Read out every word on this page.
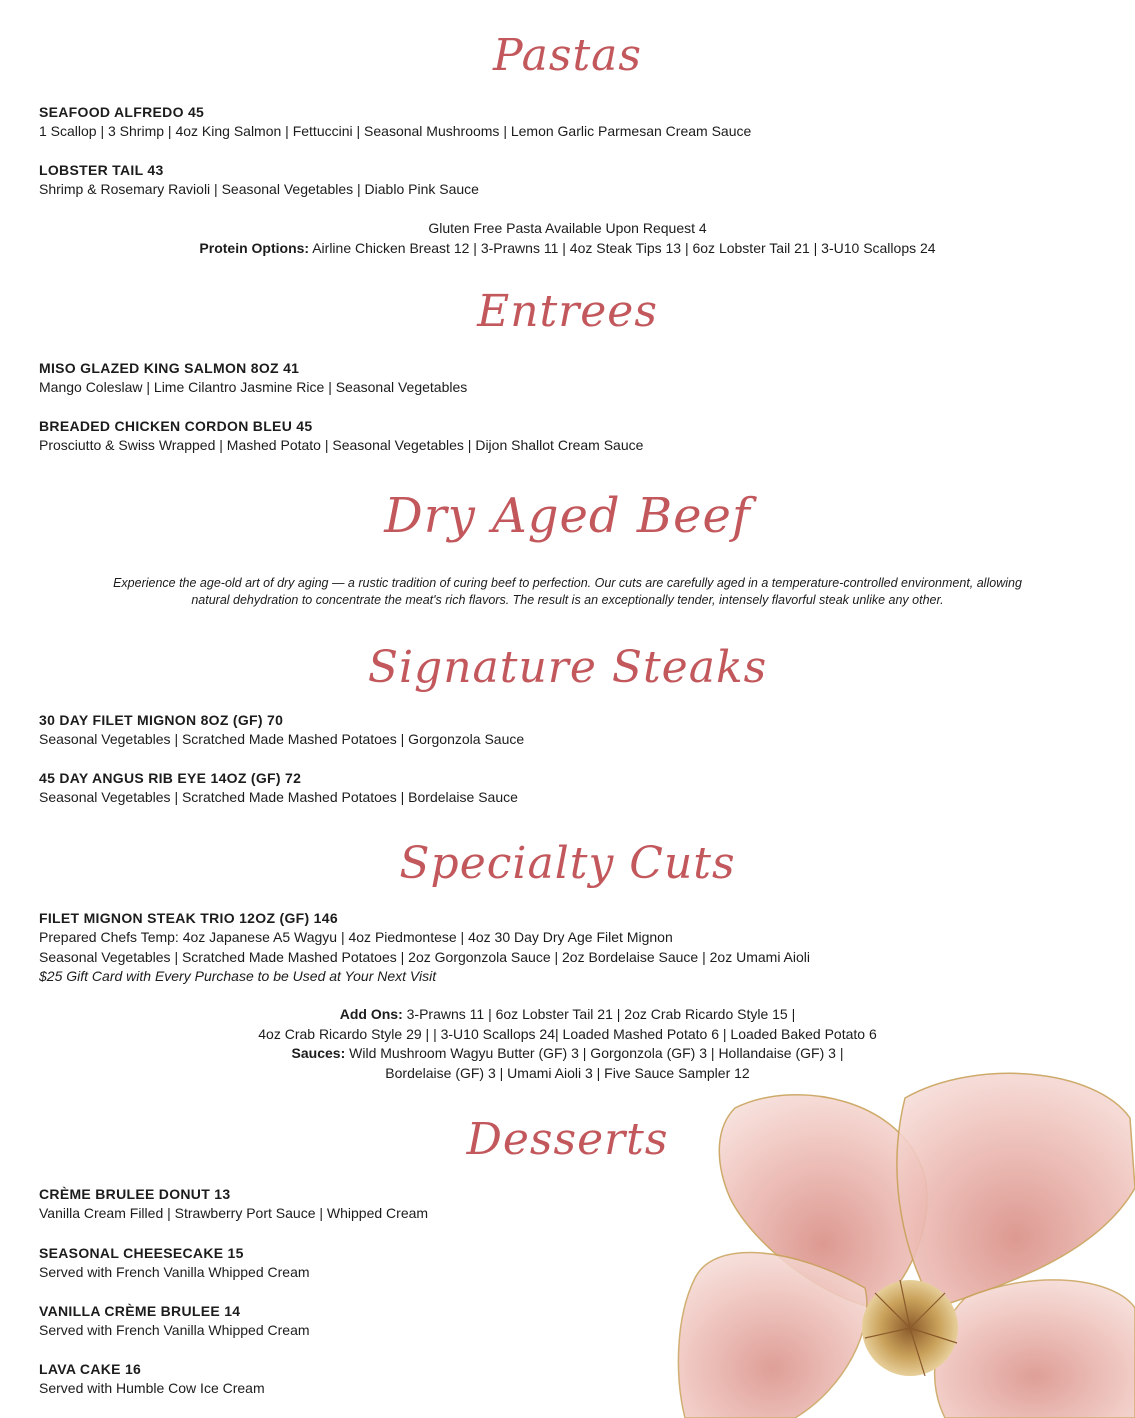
Pastas

SEAFOOD ALFREDO 45

1 Scallop | 3 Shrimp | 4oz King Salmon | Fettuccini | Seasonal Mushrooms | Lemon Garlic Parmesan Cream Sauce

LOBSTER TAIL 43

Shrimp & Rosemary Ravioli | Seasonal Vegetables | Diablo Pink Sauce

Gluten Free Pasta Available Upon Request 4

Protein Options: Airline Chicken Breast 12 | 3-Prawns 11 | 4oz Steak Tips 13 | 6oz Lobster Tail 21 | 3-U10 Scallops 24

Entrees

MISO GLAZED KING SALMON 8OZ 41

Mango Coleslaw | Lime Cilantro Jasmine Rice | Seasonal Vegetables

BREADED CHICKEN CORDON BLEU 45

Prosciutto & Swiss Wrapped | Mashed Potato | Seasonal Vegetables | Dijon Shallot Cream Sauce

Dry Aged Beef

Experience the age-old art of dry aging — a rustic tradition of curing beef to perfection. Our cuts are carefully aged in a temperature-controlled environment, allowing

natural dehydration to concentrate the meat's rich flavors. The result is an exceptionally tender, intensely flavorful steak unlike any other.

Signature Steaks

30 DAY FILET MIGNON 8OZ (GF) 70

Seasonal Vegetables | Scratched Made Mashed Potatoes | Gorgonzola Sauce

45 DAY ANGUS RIB EYE 14OZ (GF) 72

Seasonal Vegetables | Scratched Made Mashed Potatoes | Bordelaise Sauce

Specialty Cuts

FILET MIGNON STEAK TRIO 12OZ (GF) 146

Prepared Chefs Temp: 4oz Japanese A5 Wagyu | 4oz Piedmontese | 4oz 30 Day Dry Age Filet Mignon

Seasonal Vegetables | Scratched Made Mashed Potatoes | 2oz Gorgonzola Sauce | 2oz Bordelaise Sauce | 2oz Umami Aioli

$25 Gift Card with Every Purchase to be Used at Your Next Visit

Add Ons: 3-Prawns 11 | 6oz Lobster Tail 21 | 2oz Crab Ricardo Style 15 |

4oz Crab Ricardo Style 29 | | 3-U10 Scallops 24| Loaded Mashed Potato 6 | Loaded Baked Potato 6

Sauces: Wild Mushroom Wagyu Butter (GF) 3 | Gorgonzola (GF) 3 | Hollandaise (GF) 3 |

Bordelaise (GF) 3 | Umami Aioli 3 | Five Sauce Sampler 12

Desserts

CRÈME BRULEE DONUT 13

Vanilla Cream Filled | Strawberry Port Sauce | Whipped Cream

SEASONAL CHEESECAKE 15

Served with French Vanilla Whipped Cream

VANILLA CRÈME BRULEE 14

Served with French Vanilla Whipped Cream

LAVA CAKE 16

Served with Humble Cow Ice Cream
